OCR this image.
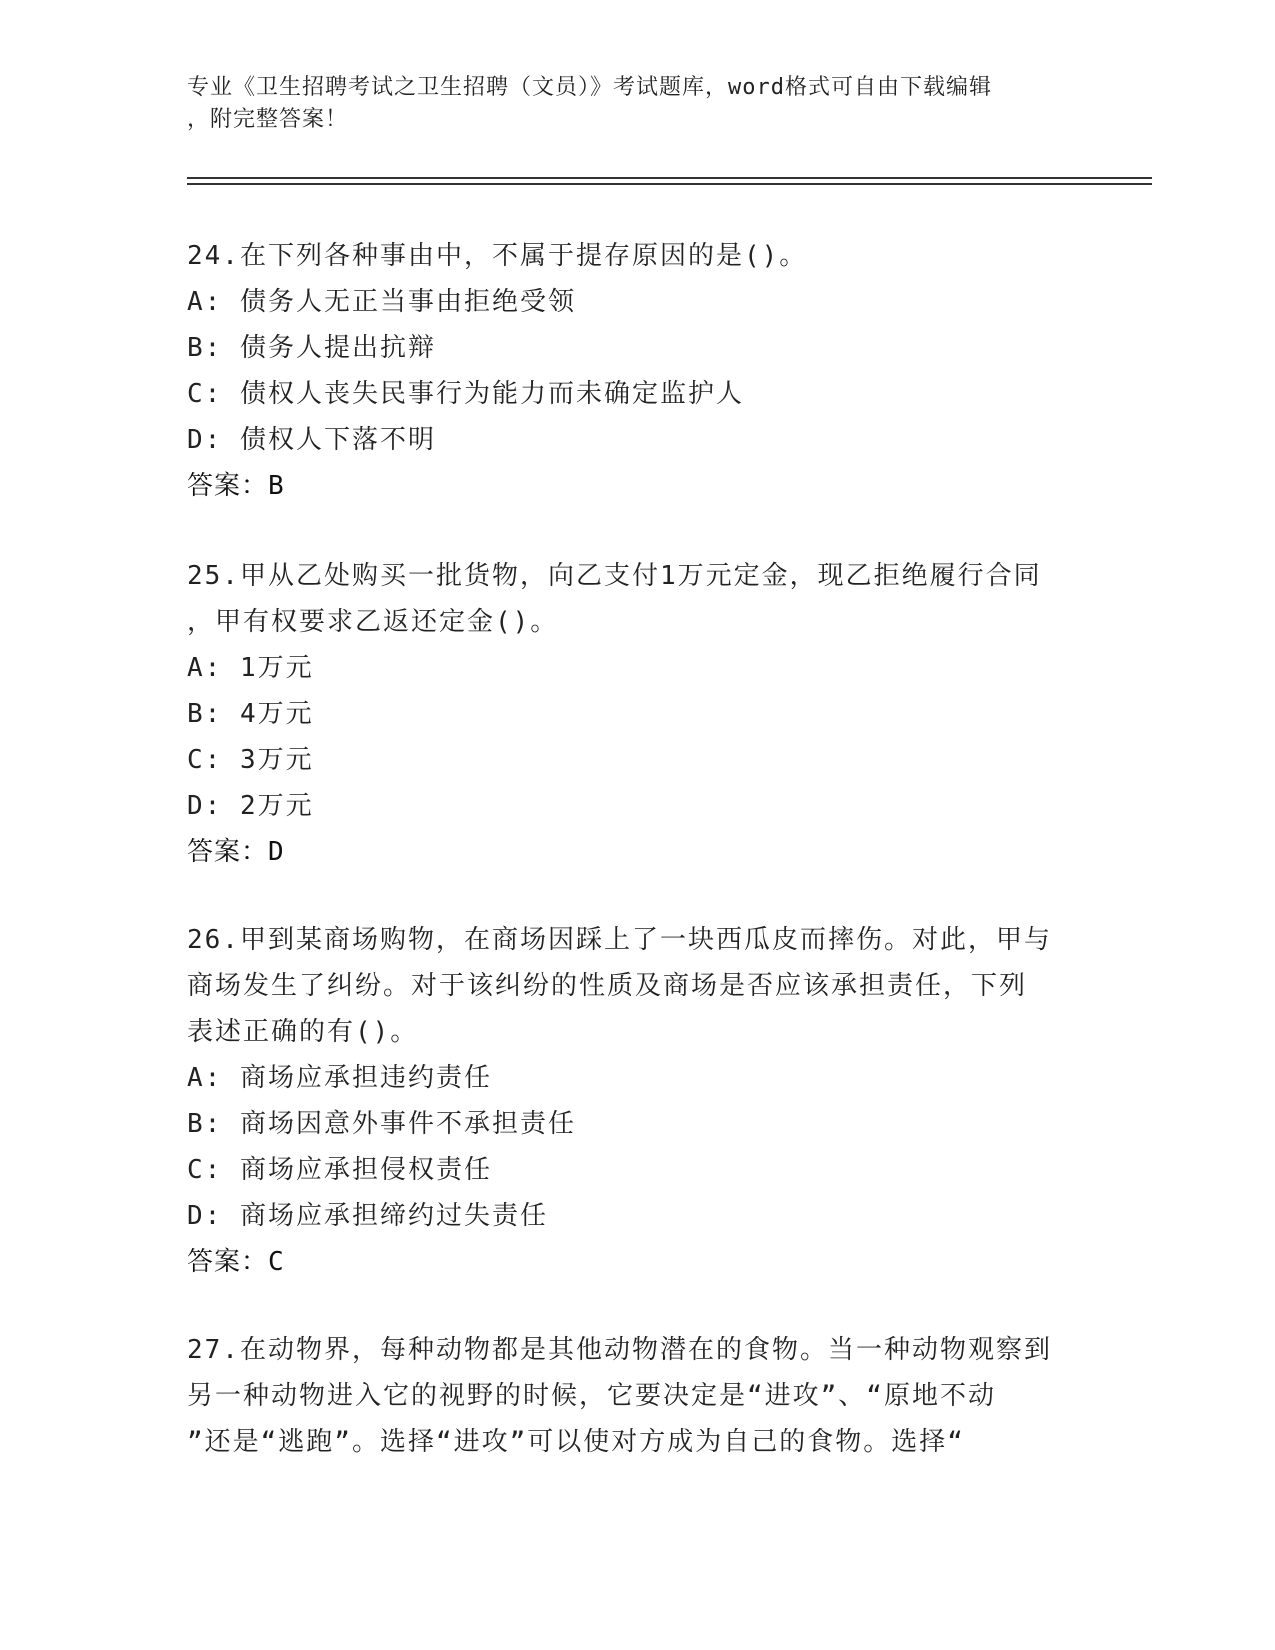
专业《卫生招聘考试之卫生招聘（文员）》考试题库，word格式可自由下载编辑
，附完整答案！

24.在下列各种事由中，不属于提存原因的是()。

A: 债务人无正当事由拒绝受领

B: 债务人提出抗辩

C: 债权人丧失民事行为能力而未确定监护人

D: 债权人下落不明

答案：B

25.甲从乙处购买一批货物，向乙支付1万元定金，现乙拒绝履行合同

，甲有权要求乙返还定金()。

A: 1万元

B: 4万元

C: 3万元

D: 2万元

答案：D

26.甲到某商场购物，在商场因踩上了一块西瓜皮而摔伤。对此，甲与

商场发生了纠纷。对于该纠纷的性质及商场是否应该承担责任，下列

表述正确的有()。

A: 商场应承担违约责任

B: 商场因意外事件不承担责任

C: 商场应承担侵权责任

D: 商场应承担缔约过失责任

答案：C

27.在动物界，每种动物都是其他动物潜在的食物。当一种动物观察到

另一种动物进入它的视野的时候，它要决定是“进攻”、“原地不动

”还是“逃跑”。选择“进攻”可以使对方成为自己的食物。选择“
